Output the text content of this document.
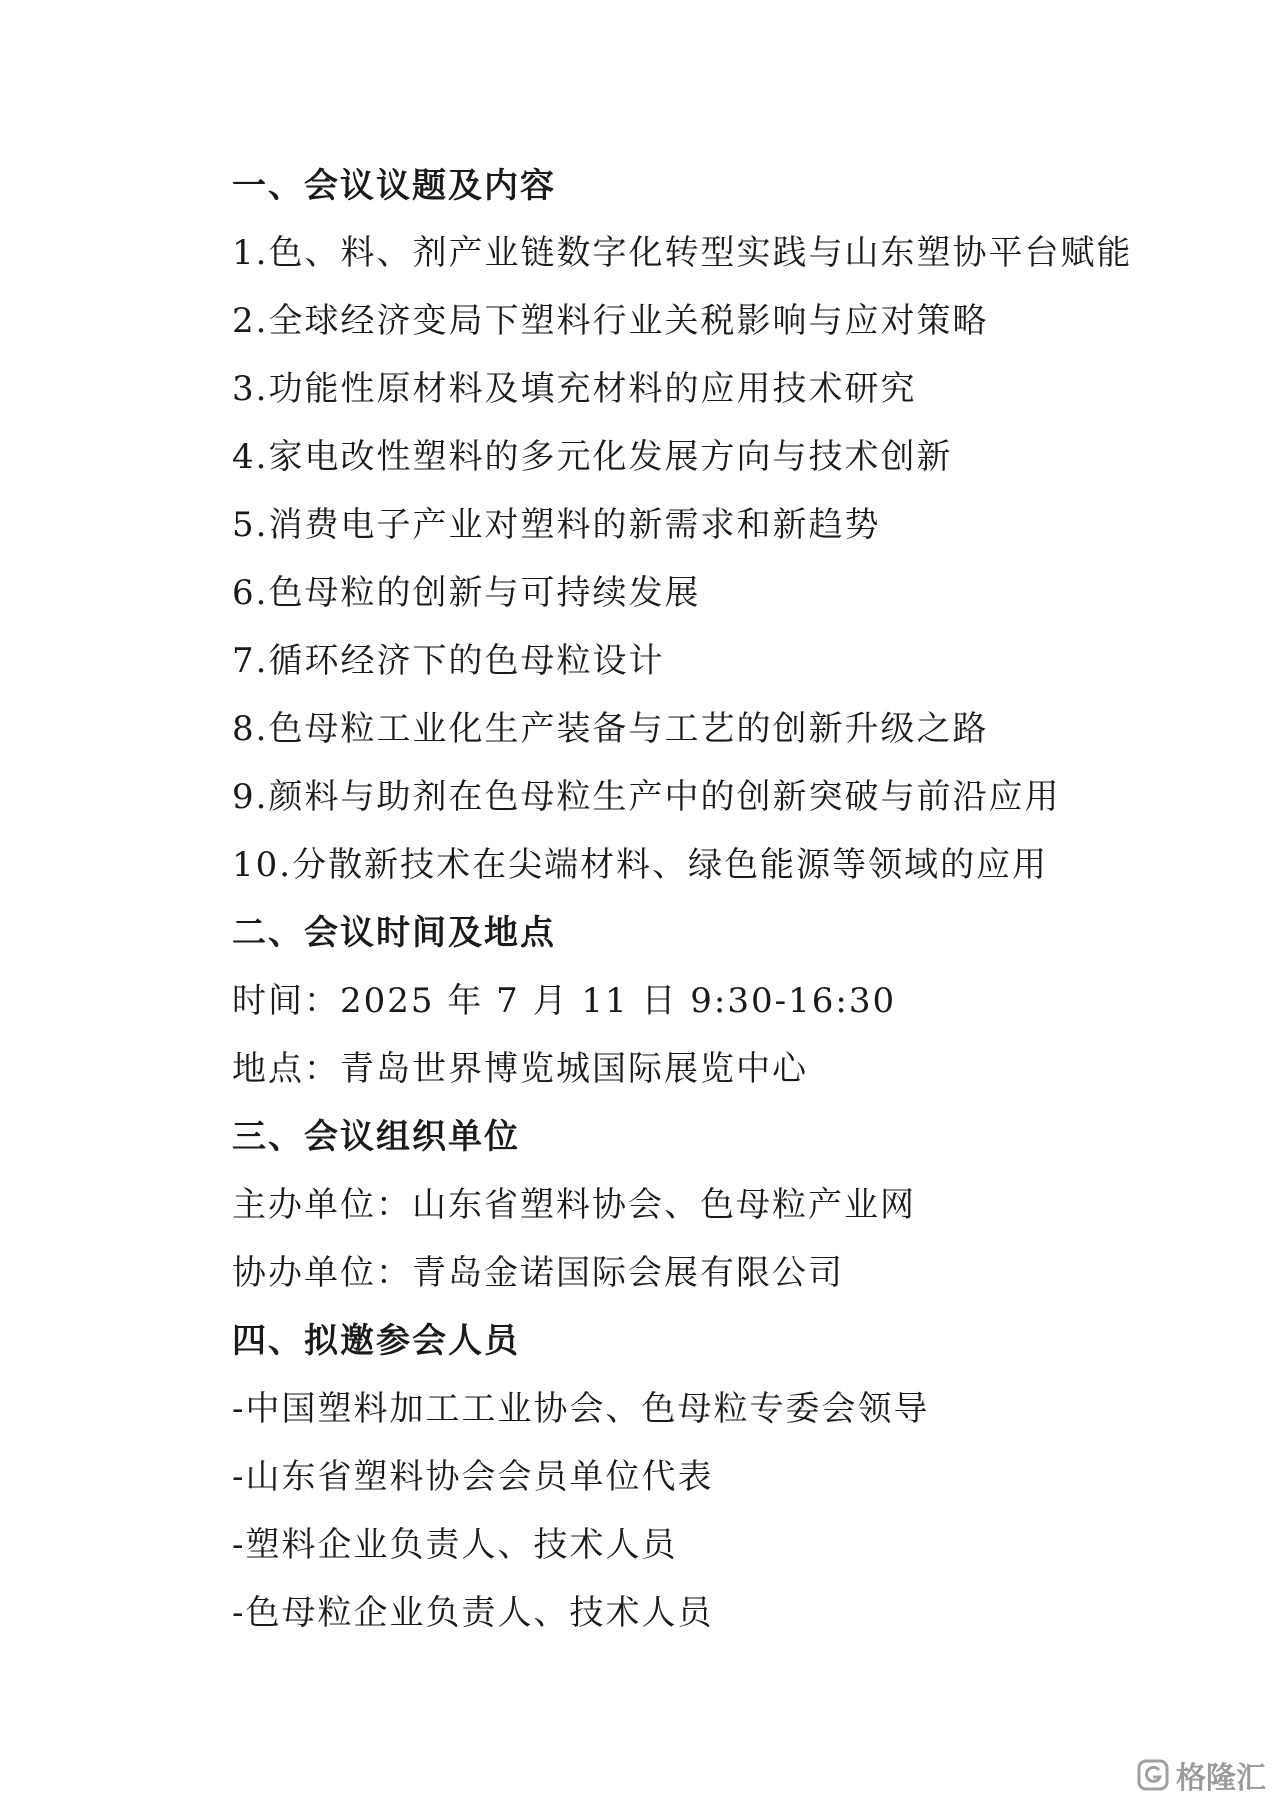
一、会议议题及内容
1.色、料、剂产业链数字化转型实践与山东塑协平台赋能
2.全球经济变局下塑料行业关税影响与应对策略
3.功能性原材料及填充材料的应用技术研究
4.家电改性塑料的多元化发展方向与技术创新
5.消费电子产业对塑料的新需求和新趋势
6.色母粒的创新与可持续发展
7.循环经济下的色母粒设计
8.色母粒工业化生产装备与工艺的创新升级之路
9.颜料与助剂在色母粒生产中的创新突破与前沿应用
10.分散新技术在尖端材料、绿色能源等领域的应用
二、会议时间及地点
时间：2025 年 7 月 11 日 9:30-16:30
地点：青岛世界博览城国际展览中心
三、会议组织单位
主办单位：山东省塑料协会、色母粒产业网
协办单位：青岛金诺国际会展有限公司
四、拟邀参会人员
-中国塑料加工工业协会、色母粒专委会领导
-山东省塑料协会会员单位代表
-塑料企业负责人、技术人员
-色母粒企业负责人、技术人员
格隆汇
